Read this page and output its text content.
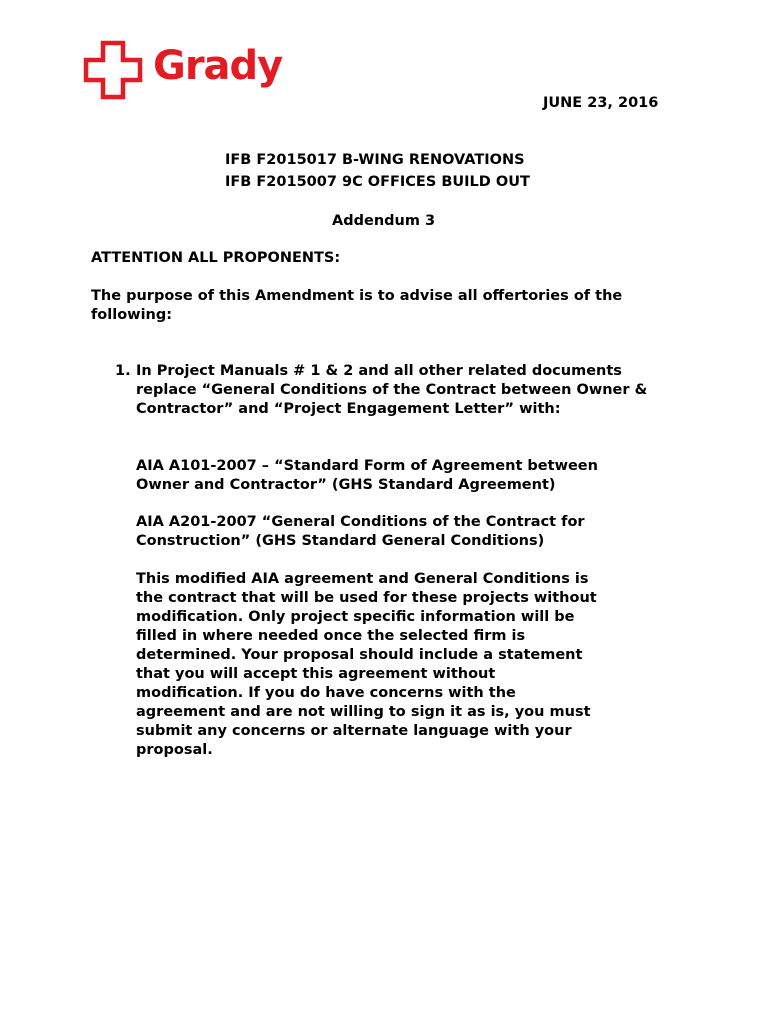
Grady
JUNE 23, 2016
IFB F2015017 B-WING RENOVATIONS
IFB F2015007 9C OFFICES BUILD OUT
Addendum 3
ATTENTION ALL PROPONENTS:
The purpose of this Amendment is to advise all offertories of the
following:
1. In Project Manuals # 1 & 2 and all other related documents
replace “General Conditions of the Contract between Owner &
Contractor” and “Project Engagement Letter” with:
AIA A101-2007 – “Standard Form of Agreement between
Owner and Contractor” (GHS Standard Agreement)
AIA A201-2007 “General Conditions of the Contract for
Construction” (GHS Standard General Conditions)
This modified AIA agreement and General Conditions is
the contract that will be used for these projects without
modification. Only project specific information will be
filled in where needed once the selected firm is
determined. Your proposal should include a statement
that you will accept this agreement without
modification. If you do have concerns with the
agreement and are not willing to sign it as is, you must
submit any concerns or alternate language with your
proposal.
